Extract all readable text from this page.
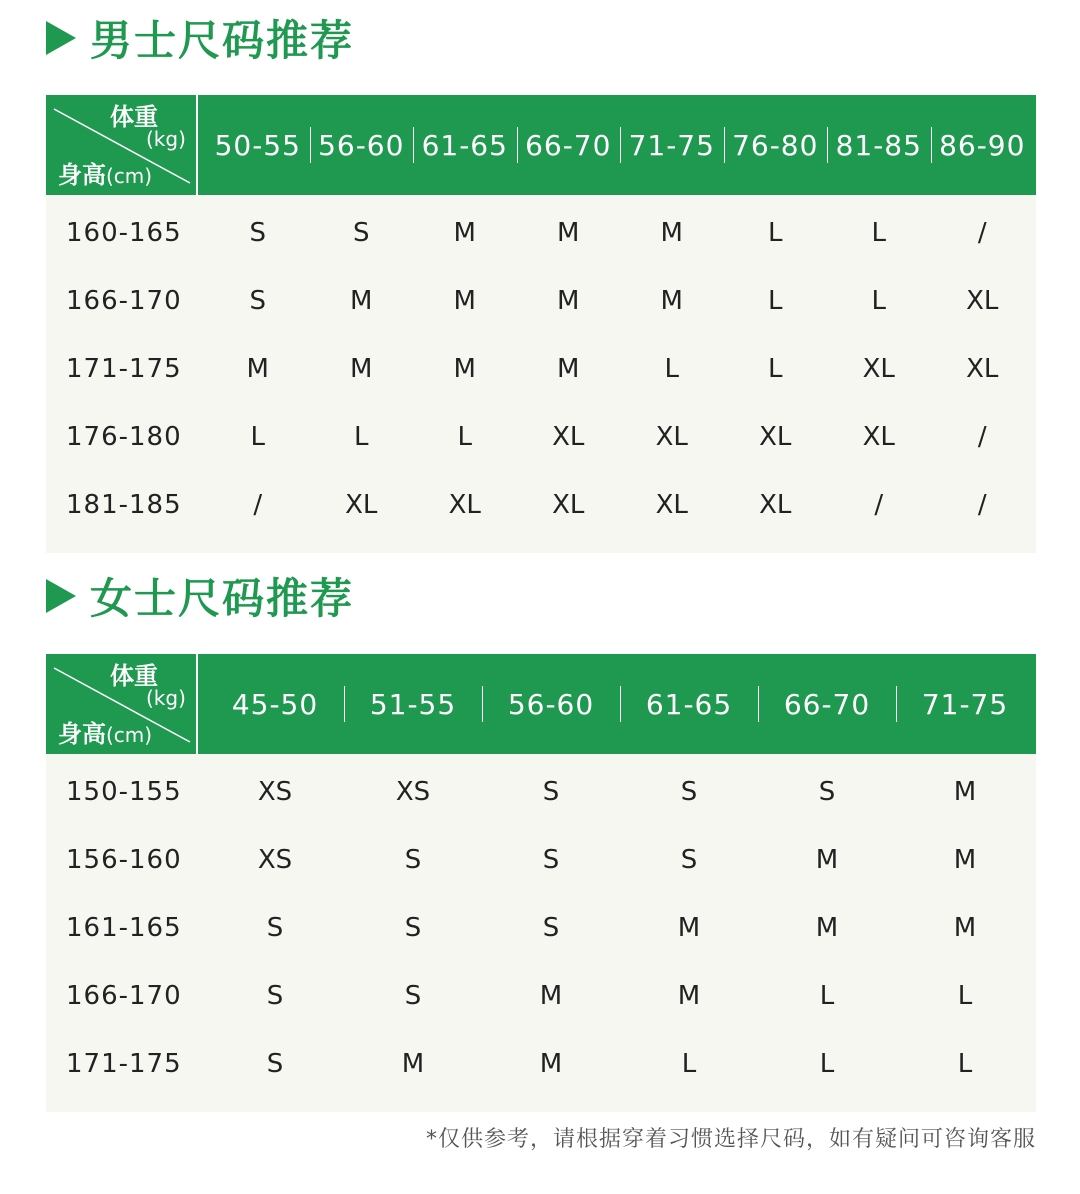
男士尺码推荐
体重
(kg)
身高(cm)
50-55 56-60 61-65 66-70 71-75 76-80 81-85 86-90
160-165	S	S	M	M	M	L	L	/
166-170	S	M	M	M	M	L	L	XL
171-175	M	M	M	M	L	L	XL	XL
176-180	L	L	L	XL	XL	XL	XL	/
181-185	/	XL	XL	XL	XL	XL	/	/
女士尺码推荐
体重
(kg)
身高(cm)
45-50	51-55	56-60	61-65	66-70	71-75
150-155	XS	XS	S	S	S	M
156-160	XS	S	S	S	M	M
161-165	S	S	S	M	M	M
166-170	S	S	M	M	L	L
171-175	S	M	M	L	L	L
*仅供参考，请根据穿着习惯选择尺码，如有疑问可咨询客服
